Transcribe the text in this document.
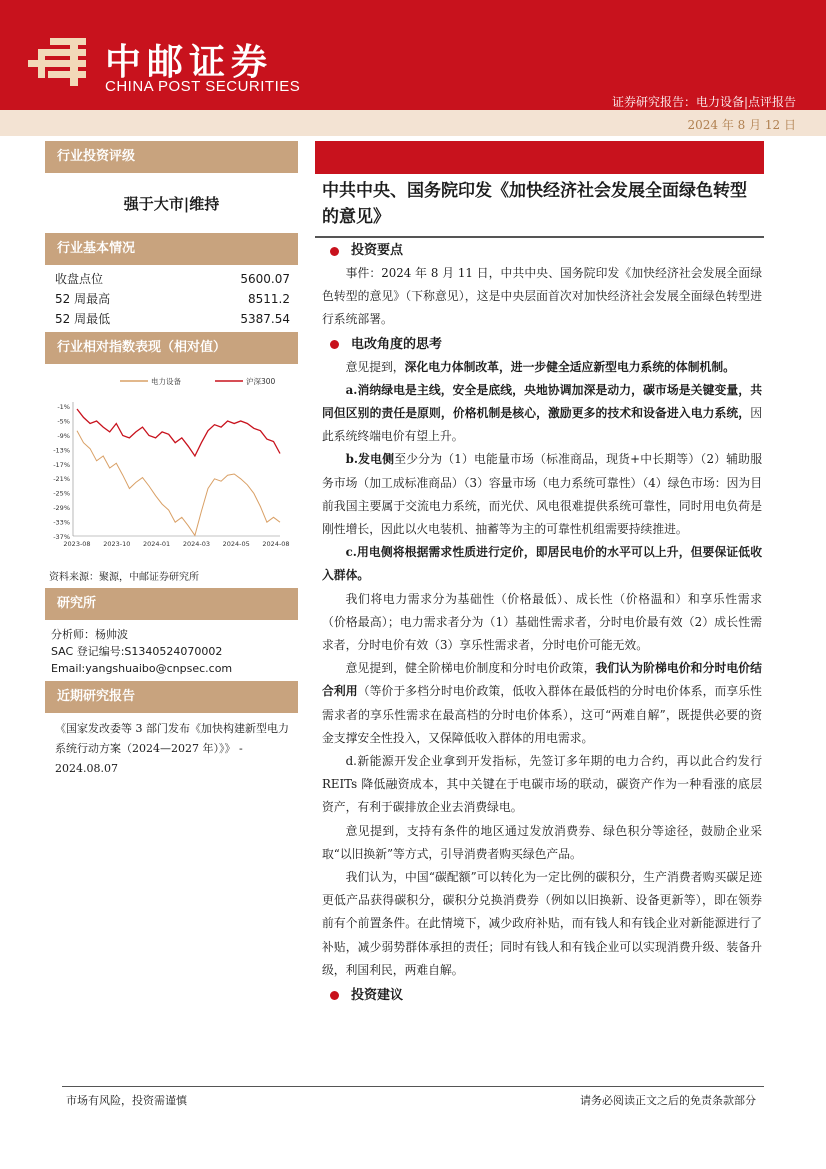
中邮证券
CHINA POST SECURITIES
证券研究报告：电力设备|点评报告
2024 年 8 月 12 日
行业投资评级
强于大市|维持
行业基本情况
收盘点位	5600.07
52 周最高	8511.2
52 周最低	5387.54
行业相对指数表现（相对值）
-1%
-5%
-9%
-13%
-17%
-21%
-25%
-29%
-33%
-37%
2023-08 2023-10 2024-01 2024-03 2024-05 2024-08
电力设备	沪深300
资料来源：聚源，中邮证券研究所
研究所
分析师：杨帅波
SAC 登记编号:S1340524070002
Email:yangshuaibo@cnpsec.com
近期研究报告
《国家发改委等 3 部门发布《加快构建新型电力系统行动方案（2024—2027 年）》》 - 2024.08.07
中共中央、国务院印发《加快经济社会发展全面绿色转型的意见》
投资要点
事件：2024 年 8 月 11 日，中共中央、国务院印发《加快经济社会发展全面绿色转型的意见》（下称意见），这是中央层面首次对加快经济社会发展全面绿色转型进行系统部署。
电改角度的思考
意见提到，深化电力体制改革，进一步健全适应新型电力系统的体制机制。
a.消纳绿电是主线，安全是底线，央地协调加深是动力，碳市场是关键变量，共同但区别的责任是原则，价格机制是核心，激励更多的技术和设备进入电力系统，因此系统终端电价有望上升。
b.发电侧至少分为（1）电能量市场（标准商品，现货+中长期等）（2）辅助服务市场（加工成标准商品）（3）容量市场（电力系统可靠性）（4）绿色市场：因为目前我国主要属于交流电力系统，而光伏、风电很难提供系统可靠性，同时用电负荷是刚性增长，因此以火电装机、抽蓄等为主的可靠性机组需要持续推进。
c.用电侧将根据需求性质进行定价，即居民电价的水平可以上升，但要保证低收入群体。
我们将电力需求分为基础性（价格最低）、成长性（价格温和）和享乐性需求（价格最高）；电力需求者分为（1）基础性需求者，分时电价最有效（2）成长性需求者，分时电价有效（3）享乐性需求者，分时电价可能无效。
意见提到，健全阶梯电价制度和分时电价政策，我们认为阶梯电价和分时电价结合利用（等价于多档分时电价政策，低收入群体在最低档的分时电价体系，而享乐性需求者的享乐性需求在最高档的分时电价体系），这可“两难自解”，既提供必要的资金支撑安全性投入，又保障低收入群体的用电需求。
d.新能源开发企业拿到开发指标，先签订多年期的电力合约，再以此合约发行 REITs 降低融资成本，其中关键在于电碳市场的联动，碳资产作为一种看涨的底层资产，有利于碳排放企业去消费绿电。
意见提到，支持有条件的地区通过发放消费券、绿色积分等途径，鼓励企业采取“以旧换新”等方式，引导消费者购买绿色产品。
我们认为，中国“碳配额”可以转化为一定比例的碳积分，生产消费者购买碳足迹更低产品获得碳积分，碳积分兑换消费券（例如以旧换新、设备更新等），即在领券前有个前置条件。在此情境下，减少政府补贴，而有钱人和有钱企业对新能源进行了补贴，减少弱势群体承担的责任；同时有钱人和有钱企业可以实现消费升级、装备升级，利国利民，两难自解。
投资建议
市场有风险，投资需谨慎	请务必阅读正文之后的免责条款部分
